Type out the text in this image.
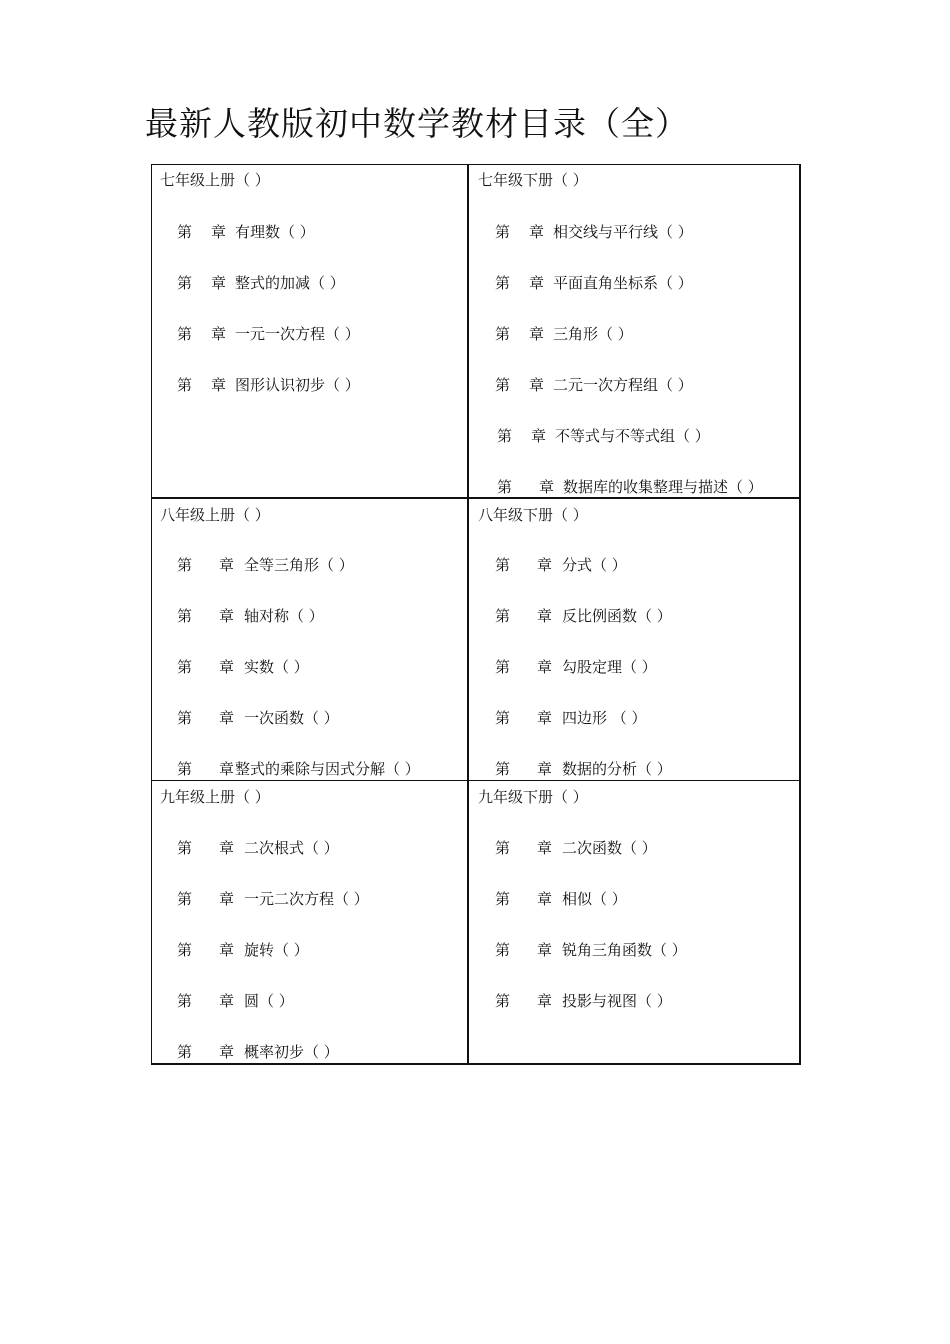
最新人教版初中数学教材目录（全）
七年级上册（ ）
第 章 有理数（ ）
第 章 整式的加减（ ）
第 章 一元一次方程（ ）
第 章 图形认识初步（ ）
七年级下册（ ）
第 章 相交线与平行线（ ）
第 章 平面直角坐标系（ ）
第 章 三角形（ ）
第 章 二元一次方程组（ ）
第 章 不等式与不等式组（ ）
第 章 数据库的收集整理与描述（ ）
八年级上册（ ）
第 章 全等三角形（ ）
第 章 轴对称（ ）
第 章 实数（ ）
第 章 一次函数（ ）
第 章整式的乘除与因式分解（ ）
八年级下册（ ）
第 章 分式（ ）
第 章 反比例函数（ ）
第 章 勾股定理（ ）
第 章 四边形 （ ）
第 章 数据的分析（ ）
九年级上册（ ）
第 章 二次根式（ ）
第 章 一元二次方程（ ）
第 章 旋转（ ）
第 章 圆（ ）
第 章 概率初步（ ）
九年级下册（ ）
第 章 二次函数（ ）
第 章 相似（ ）
第 章 锐角三角函数（ ）
第 章 投影与视图（ ）
